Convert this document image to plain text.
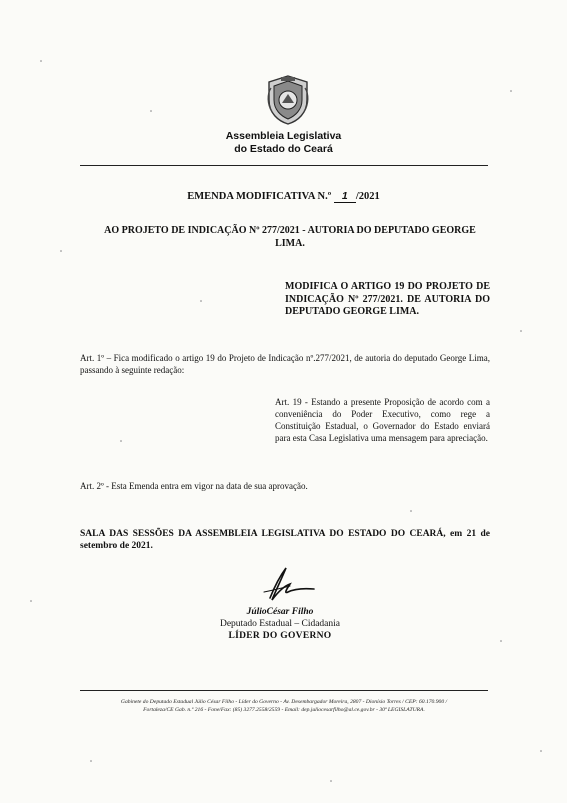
Assembleia Legislativa
do Estado do Ceará
EMENDA MODIFICATIVA N.º 1 /2021
AO PROJETO DE INDICAÇÃO Nº 277/2021 - AUTORIA DO DEPUTADO GEORGE LIMA.
MODIFICA O ARTIGO 19 DO PROJETO DE INDICAÇÃO Nº 277/2021. DE AUTORIA DO DEPUTADO GEORGE LIMA.
Art. 1º – Fica modificado o artigo 19 do Projeto de Indicação nº.277/2021, de autoria do deputado George Lima, passando à seguinte redação:
Art. 19 - Estando a presente Proposição de acordo com a conveniência do Poder Executivo, como rege a Constituição Estadual, o Governador do Estado enviará para esta Casa Legislativa uma mensagem para apreciação.
Art. 2º - Esta Emenda entra em vigor na data de sua aprovação.
SALA DAS SESSÕES DA ASSEMBLEIA LEGISLATIVA DO ESTADO DO CEARÁ, em 21 de setembro de 2021.
JúlioCésar Filho
Deputado Estadual – Cidadania
LÍDER DO GOVERNO
Gabinete do Deputado Estadual Júlio César Filho - Líder do Governo - Av. Desembargador Moreira, 2807 - Dionísio Torres / CEP: 60.170.900 /
Fortaleza/CE Gab. n.º 216 - Fone/Fax: (85) 3277.2558/2559 - Email: dep.juliocesarfilho@al.ce.gov.br - 30ª LEGISLATURA.
